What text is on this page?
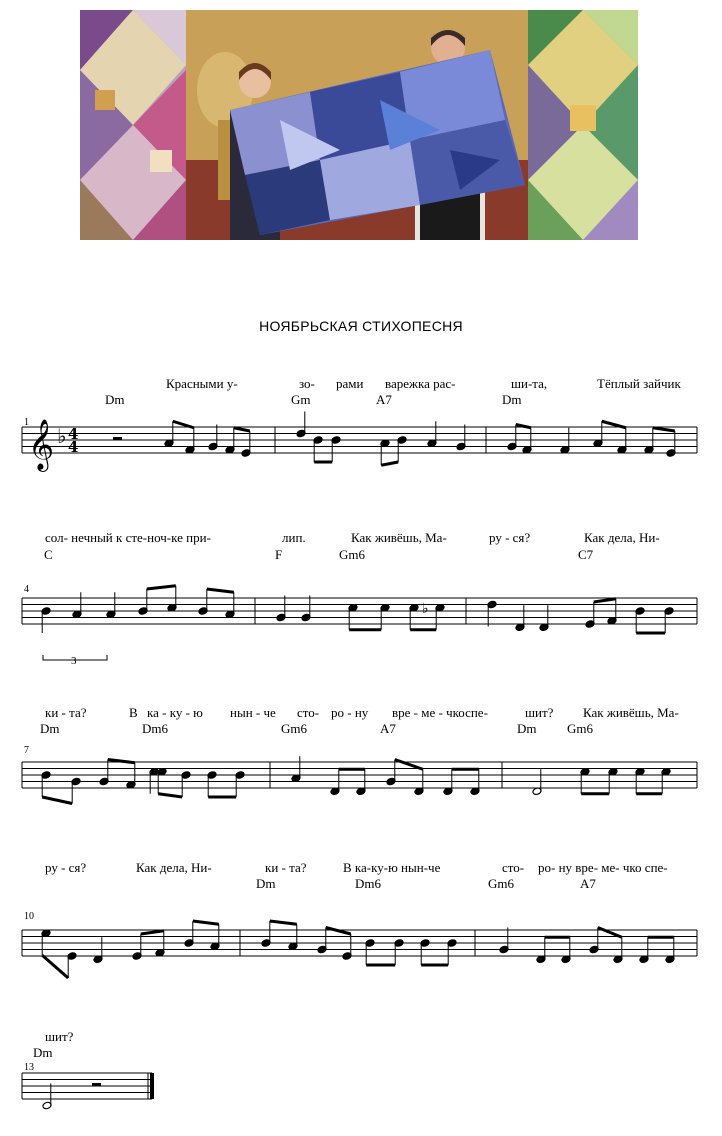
НОЯБРЬСКАЯ СТИХОПЕСНЯ
Красными у-	зо- рами варежка рас-	ши-та,	Тёплый зайчик
Dm	Gm	A7	Dm
1
сол- нечный к сте-ноч-ке при-	лип.	Как живёшь, Ма-	ру - ся?	Как дела, Ни-
C	F	Gm6	C7
4
3
ки - та?	В ка - ку - ю нын - че сто- ро - ну вре - ме - чкоспе-	шит? Как живёшь, Ма-
Dm	Dm6	Gm6	A7	Dm Gm6
7
ру - ся?	Как дела, Ни-	ки - та?	В ка-ку-ю нын-че	сто- ро- ну вре- ме- чко спе-
Dm	Dm6	Gm6	A7
10
шит?
Dm
13
𝄞 ♭ 4
4
♭
